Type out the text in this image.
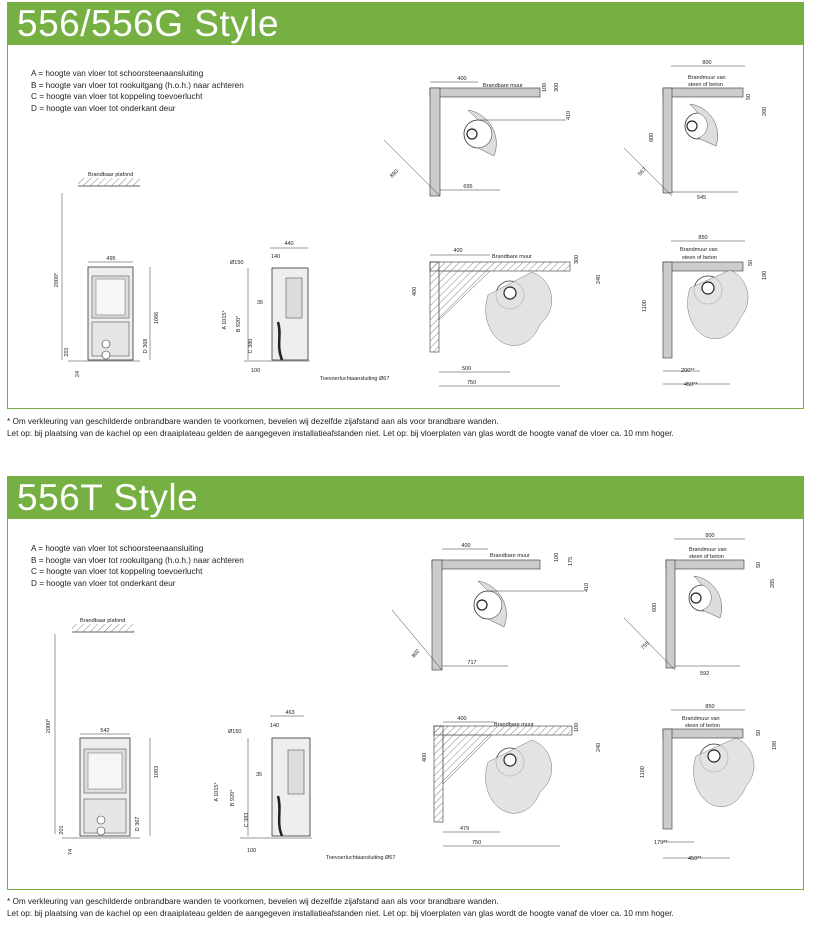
556/556G Style
A = hoogte van vloer tot schoorsteenaansluiting
B = hoogte van vloer tot rookuitgang (h.o.h.) naar achteren
C = hoogte van vloer tot koppeling toevoerlucht
D = hoogte van vloer tot onderkant deur
* Om verkleuring van geschilderde onbrandbare wanden te voorkomen, bevelen wij dezelfde zijafstand aan als voor brandbare wanden.
Let op: bij plaatsing van de kachel op een draaiplateau gelden de aangegeven installatieafstanden niet. Let op: bij vloerplaten van glas wordt de hoogte vanaf de vloer ca. 10 mm hoger.
556T Style
A = hoogte van vloer tot schoorsteenaansluiting
B = hoogte van vloer tot rookuitgang (h.o.h.) naar achteren
C = hoogte van vloer tot koppeling toevoerlucht
D = hoogte van vloer tot onderkant deur
* Om verkleuring van geschilderde onbrandbare wanden te voorkomen, bevelen wij dezelfde zijafstand aan als voor brandbare wanden.
Let op: bij plaatsing van de kachel op een draaiplateau gelden de aangegeven installatieafstanden niet. Let op: bij vloerplaten van glas wordt de hoogte vanaf de vloer ca. 10 mm hoger.
Brandbaar plafond
2000*
495
1066
D 368
201
24
440
Ø150
140
A 1015* B 920*
C 380
35
100
Toevoerluchtaansluiting Ø67
400
Brandbare muur
890
695
100 300
410
800
Brandmuur van
steen of beton
567
800
545
50
260
400
Brandbare muur
400
500
750
300
240
850
Brandmuur van
steen of beton
1100
200**
450**
50
190
Brandbaar plafond
2000*	542
1083
D 367
201
74
463
Ø150
140
A 1015* B 920*
C 383
35
100
Toevoerluchtaansluiting Ø67
400
Brandbare muur
802
717
100 175
410
800
Brandmuur van
steen of beton
755
600
592
50
285
400
Brandbare muur
400
479
750
100
240
850
Brandmuur van
steen of beton
1100
179**
450**
50
190
